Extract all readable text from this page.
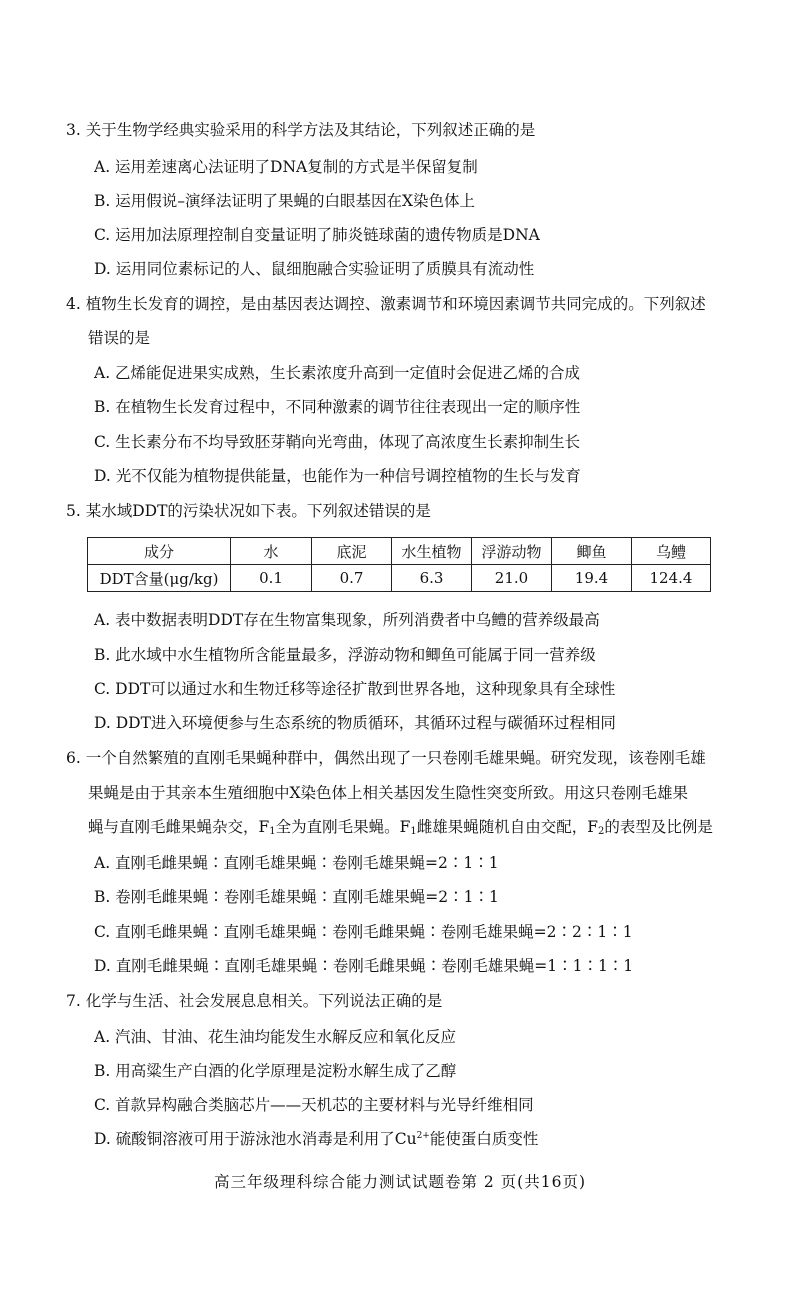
3. 关于生物学经典实验采用的科学方法及其结论，下列叙述正确的是
A. 运用差速离心法证明了DNA复制的方式是半保留复制
B. 运用假说–演绎法证明了果蝇的白眼基因在X染色体上
C. 运用加法原理控制自变量证明了肺炎链球菌的遗传物质是DNA
D. 运用同位素标记的人、鼠细胞融合实验证明了质膜具有流动性
4. 植物生长发育的调控，是由基因表达调控、激素调节和环境因素调节共同完成的。下列叙述
错误的是
A. 乙烯能促进果实成熟，生长素浓度升高到一定值时会促进乙烯的合成
B. 在植物生长发育过程中，不同种激素的调节往往表现出一定的顺序性
C. 生长素分布不均导致胚芽鞘向光弯曲，体现了高浓度生长素抑制生长
D. 光不仅能为植物提供能量，也能作为一种信号调控植物的生长与发育
5. 某水域DDT的污染状况如下表。下列叙述错误的是
成分	水	底泥	水生植物	浮游动物	鲫鱼	乌鳢
DDT含量(μg/kg)	0.1	0.7	6.3	21.0	19.4	124.4
A. 表中数据表明DDT存在生物富集现象，所列消费者中乌鳢的营养级最高
B. 此水域中水生植物所含能量最多，浮游动物和鲫鱼可能属于同一营养级
C. DDT可以通过水和生物迁移等途径扩散到世界各地，这种现象具有全球性
D. DDT进入环境便参与生态系统的物质循环，其循环过程与碳循环过程相同
6. 一个自然繁殖的直刚毛果蝇种群中，偶然出现了一只卷刚毛雄果蝇。研究发现，该卷刚毛雄
果蝇是由于其亲本生殖细胞中X染色体上相关基因发生隐性突变所致。用这只卷刚毛雄果
蝇与直刚毛雌果蝇杂交，$F_1$全为直刚毛果蝇。$F_1$雌雄果蝇随机自由交配，$F_2$的表型及比例是
A. 直刚毛雌果蝇∶直刚毛雄果蝇∶卷刚毛雄果蝇=2∶1∶1
B. 卷刚毛雌果蝇∶卷刚毛雄果蝇∶直刚毛雄果蝇=2∶1∶1
C. 直刚毛雌果蝇∶直刚毛雄果蝇∶卷刚毛雌果蝇∶卷刚毛雄果蝇=2∶2∶1∶1
D. 直刚毛雌果蝇∶直刚毛雄果蝇∶卷刚毛雌果蝇∶卷刚毛雄果蝇=1∶1∶1∶1
7. 化学与生活、社会发展息息相关。下列说法正确的是
A. 汽油、甘油、花生油均能发生水解反应和氧化反应
B. 用高粱生产白酒的化学原理是淀粉水解生成了乙醇
C. 首款异构融合类脑芯片——天机芯的主要材料与光导纤维相同
D. 硫酸铜溶液可用于游泳池水消毒是利用了$Cu^{2+}$能使蛋白质变性
高三年级理科综合能力测试试题卷第 2 页(共16页)
